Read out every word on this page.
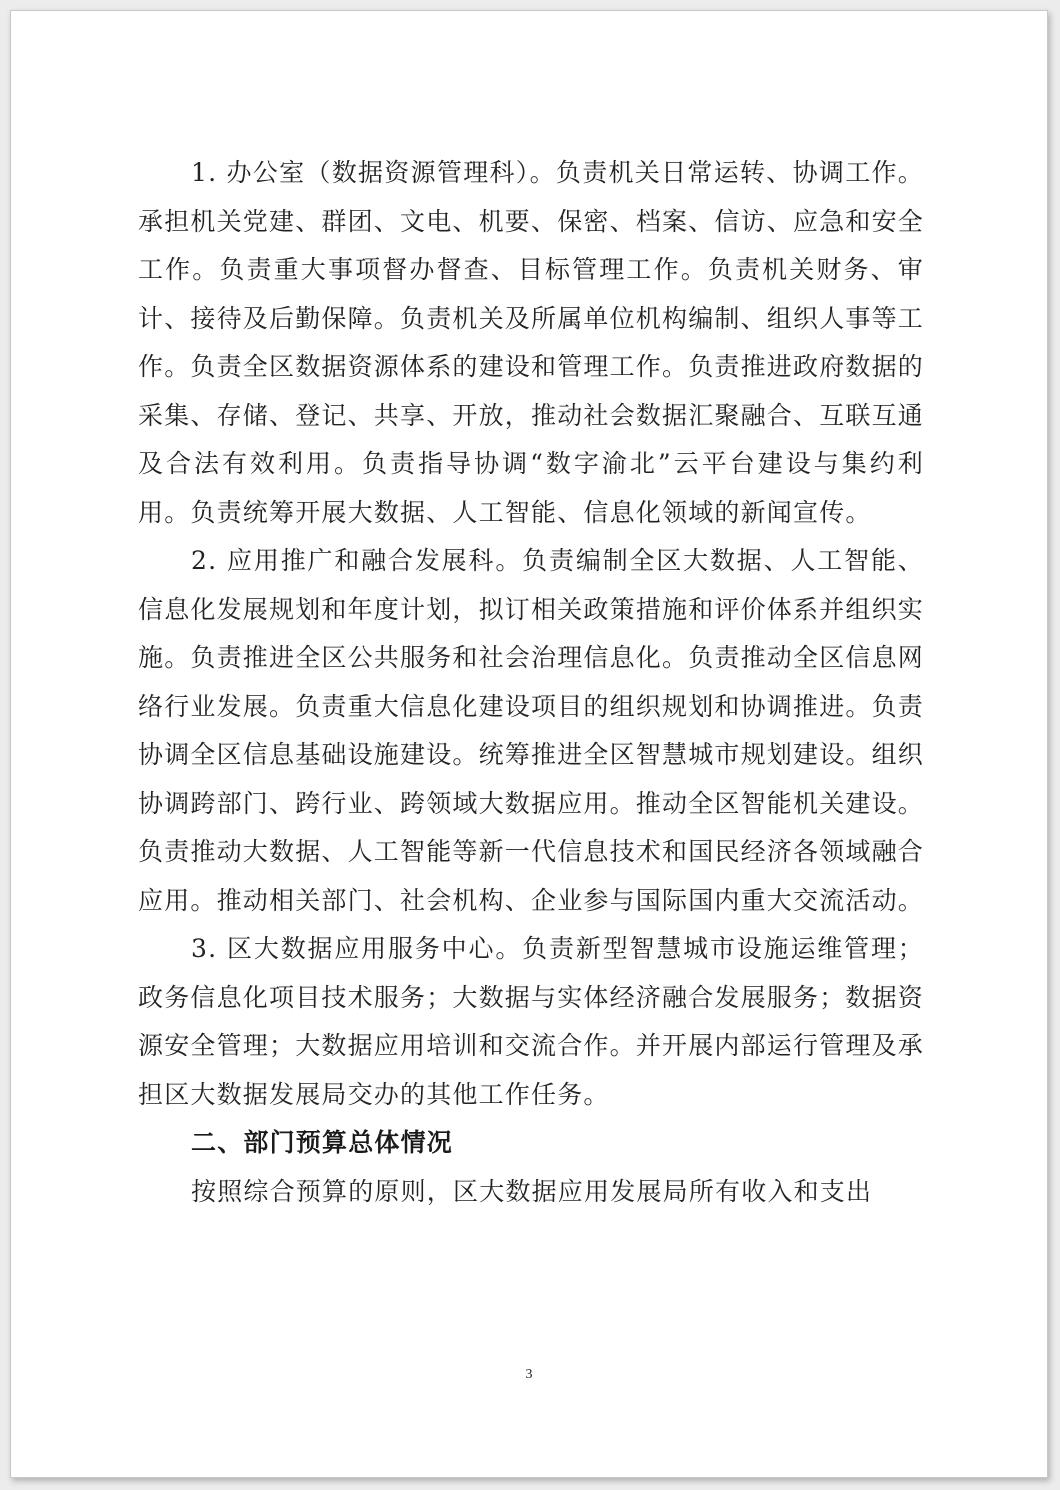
1. 办公室（数据资源管理科）。负责机关日常运转、协调工作。承担机关党建、群团、文电、机要、保密、档案、信访、应急和安全工作。负责重大事项督办督查、目标管理工作。负责机关财务、审计、接待及后勤保障。负责机关及所属单位机构编制、组织人事等工作。负责全区数据资源体系的建设和管理工作。负责推进政府数据的采集、存储、登记、共享、开放，推动社会数据汇聚融合、互联互通及合法有效利用。负责指导协调“数字渝北”云平台建设与集约利用。负责统筹开展大数据、人工智能、信息化领域的新闻宣传。

2. 应用推广和融合发展科。负责编制全区大数据、人工智能、信息化发展规划和年度计划，拟订相关政策措施和评价体系并组织实施。负责推进全区公共服务和社会治理信息化。负责推动全区信息网络行业发展。负责重大信息化建设项目的组织规划和协调推进。负责协调全区信息基础设施建设。统筹推进全区智慧城市规划建设。组织协调跨部门、跨行业、跨领域大数据应用。推动全区智能机关建设。负责推动大数据、人工智能等新一代信息技术和国民经济各领域融合应用。推动相关部门、社会机构、企业参与国际国内重大交流活动。

3. 区大数据应用服务中心。负责新型智慧城市设施运维管理；政务信息化项目技术服务；大数据与实体经济融合发展服务；数据资源安全管理；大数据应用培训和交流合作。并开展内部运行管理及承担区大数据发展局交办的其他工作任务。

二、部门预算总体情况

按照综合预算的原则，区大数据应用发展局所有收入和支出

3
